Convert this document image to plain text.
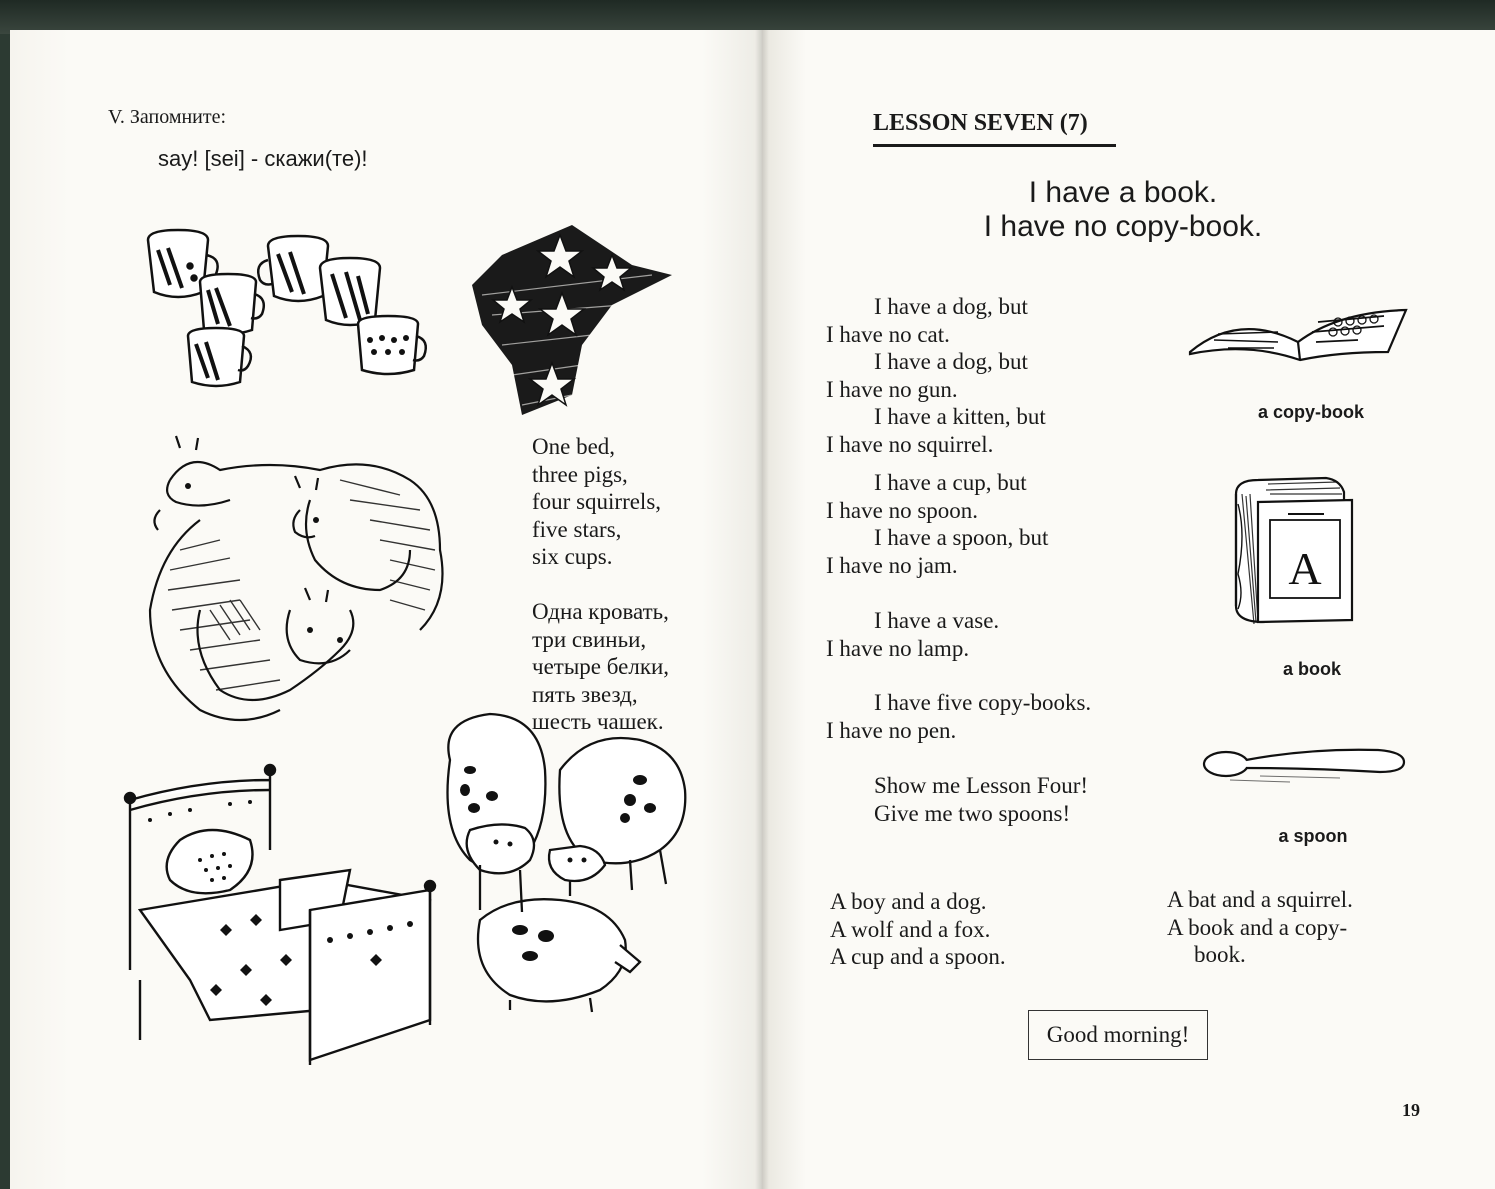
V. Запомните:
say! [sei] - скажи(те)!
One bed,
three pigs,
four squirrels,
five stars,
six cups.
Одна кровать,
три свиньи,
четыре белки,
пять звезд,
шесть чашек.
LESSON SEVEN (7)
I have a book.
I have no copy-book.
I have a dog, but
I have no cat.
I have a dog, but
I have no gun.
I have a kitten, but
I have no squirrel.
I have a cup, but
I have no spoon.
I have a spoon, but
I have no jam.
I have a vase.
I have no lamp.
I have five copy-books.
I have no pen.
Show me Lesson Four!
Give me two spoons!
a copy-book
A
a book
a spoon
A boy and a dog.
A wolf and a fox.
A cup and a spoon.
A bat and a squirrel.
A book and a copy-
book.
Good morning!
19
